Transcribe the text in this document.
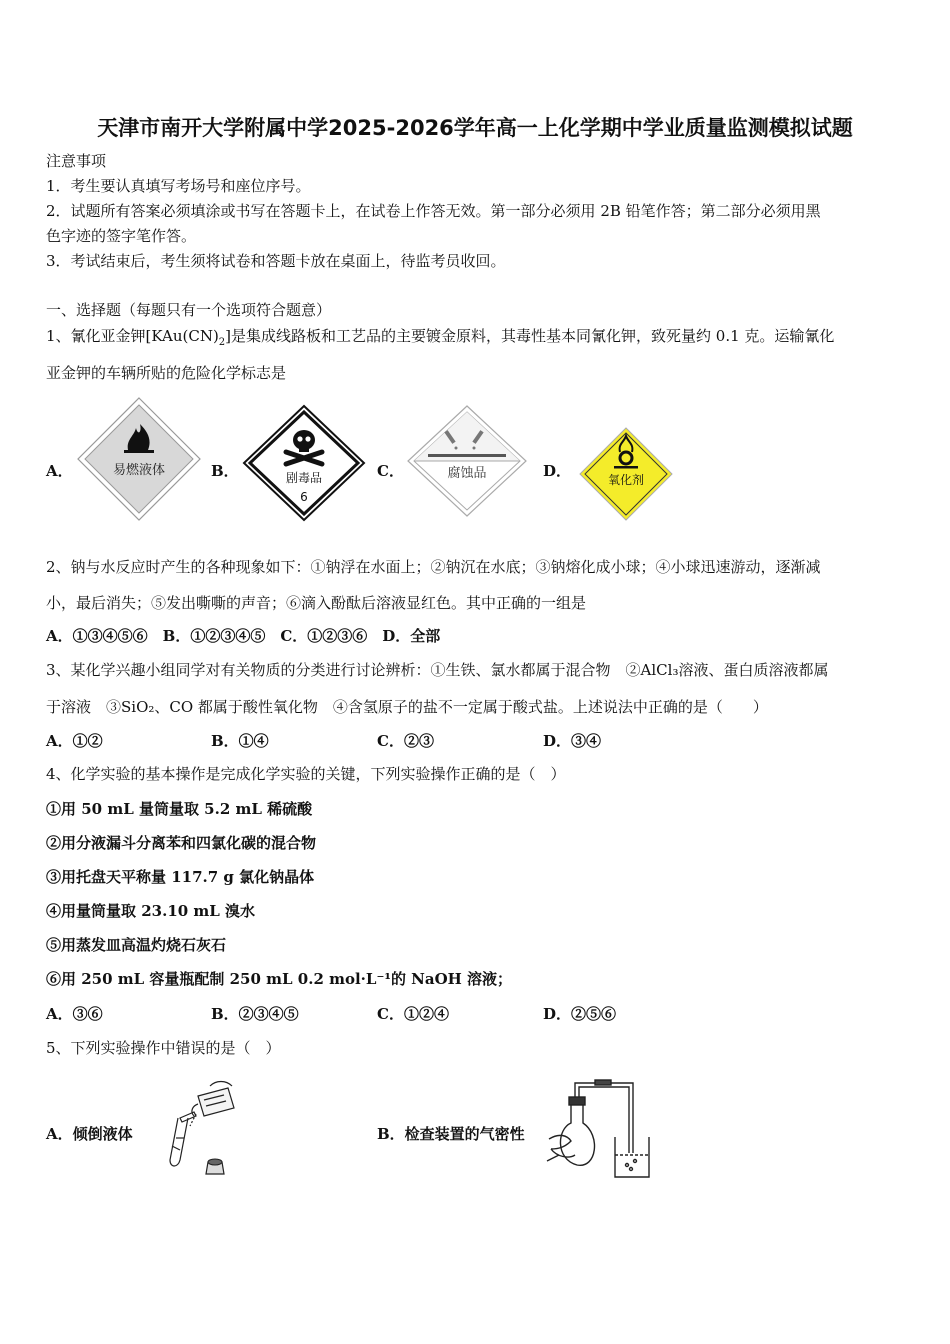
天津市南开大学附属中学2025-2026学年高一上化学期中学业质量监测模拟试题
注意事项
1．考生要认真填写考场号和座位序号。
2．试题所有答案必须填涂或书写在答题卡上，在试卷上作答无效。第一部分必须用 2B 铅笔作答；第二部分必须用黑
色字迹的签字笔作答。
3．考试结束后，考生须将试卷和答题卡放在桌面上，待监考员收回。
一、选择题（每题只有一个选项符合题意）
1、氰化亚金钾$[KAu(CN)_2]$是集成线路板和工艺品的主要镀金原料，其毒性基本同氰化钾，致死量约 0.1 克。运输氰化
亚金钾的车辆所贴的危险化学标志是
A．	B．	C．	D．
易燃液体	剧毒品
6
腐蚀品	氧化剂
2、钠与水反应时产生的各种现象如下：①钠浮在水面上；②钠沉在水底；③钠熔化成小球；④小球迅速游动，逐渐减
小，最后消失；⑤发出嘶嘶的声音；⑥滴入酚酞后溶液显红色。其中正确的一组是
A．①③④⑤⑥　B．①②③④⑤　C．①②③⑥　D．全部
3、某化学兴趣小组同学对有关物质的分类进行讨论辨析：①生铁、氯水都属于混合物　②AlCl₃溶液、蛋白质溶液都属
于溶液　③SiO₂、CO 都属于酸性氧化物　④含氢原子的盐不一定属于酸式盐。上述说法中正确的是（　　）
A．①②	B．①④	C．②③	D．③④
4、化学实验的基本操作是完成化学实验的关键，下列实验操作正确的是（　）
①用 50 mL 量筒量取 5.2 mL 稀硫酸
②用分液漏斗分离苯和四氯化碳的混合物
③用托盘天平称量 117.7 g 氯化钠晶体
④用量筒量取 23.10 mL 溴水
⑤用蒸发皿高温灼烧石灰石
⑥用 250 mL 容量瓶配制 250 mL 0.2 mol·L⁻¹的 NaOH 溶液；
A．③⑥	B．②③④⑤	C．①②④	D．②⑤⑥
5、下列实验操作中错误的是（　）
A．倾倒液体	B．检查装置的气密性
